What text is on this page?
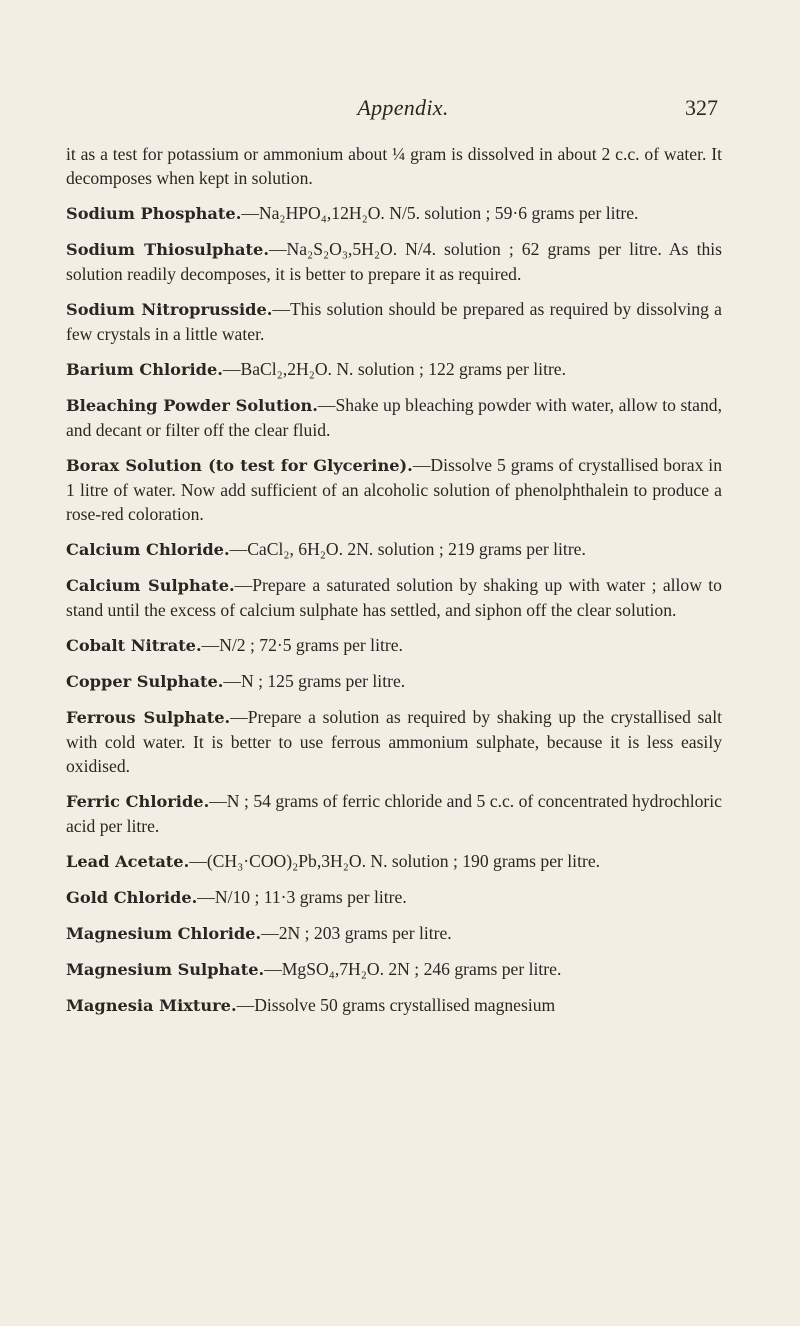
Appendix.	327

it as a test for potassium or ammonium about ¼ gram is dissolved in about 2 c.c. of water. It decomposes when kept in solution.

Sodium Phosphate.—Na₂HPO₄,12H₂O. N/5. solution ; 59·6 grams per litre.

Sodium Thiosulphate.—Na₂S₂O₃,5H₂O. N/4. solution ; 62 grams per litre. As this solution readily decomposes, it is better to prepare it as required.

Sodium Nitroprusside.—This solution should be prepared as required by dissolving a few crystals in a little water.

Barium Chloride.—BaCl₂,2H₂O. N. solution ; 122 grams per litre.

Bleaching Powder Solution.—Shake up bleaching powder with water, allow to stand, and decant or filter off the clear fluid.

Borax Solution (to test for Glycerine).—Dissolve 5 grams of crystallised borax in 1 litre of water. Now add sufficient of an alcoholic solution of phenolphthalein to produce a rose-red coloration.

Calcium Chloride.—CaCl₂, 6H₂O. 2N. solution ; 219 grams per litre.

Calcium Sulphate.—Prepare a saturated solution by shaking up with water ; allow to stand until the excess of calcium sulphate has settled, and siphon off the clear solution.

Cobalt Nitrate.—N/2 ; 72·5 grams per litre.

Copper Sulphate.—N ; 125 grams per litre.

Ferrous Sulphate.—Prepare a solution as required by shaking up the crystallised salt with cold water. It is better to use ferrous ammonium sulphate, because it is less easily oxidised.

Ferric Chloride.—N ; 54 grams of ferric chloride and 5 c.c. of concentrated hydrochloric acid per litre.

Lead Acetate.—(CH₃·COO)₂Pb,3H₂O. N. solution ; 190 grams per litre.

Gold Chloride.—N/10 ; 11·3 grams per litre.

Magnesium Chloride.—2N ; 203 grams per litre.

Magnesium Sulphate.—MgSO₄,7H₂O. 2N ; 246 grams per litre.

Magnesia Mixture.—Dissolve 50 grams crystallised magnesium
